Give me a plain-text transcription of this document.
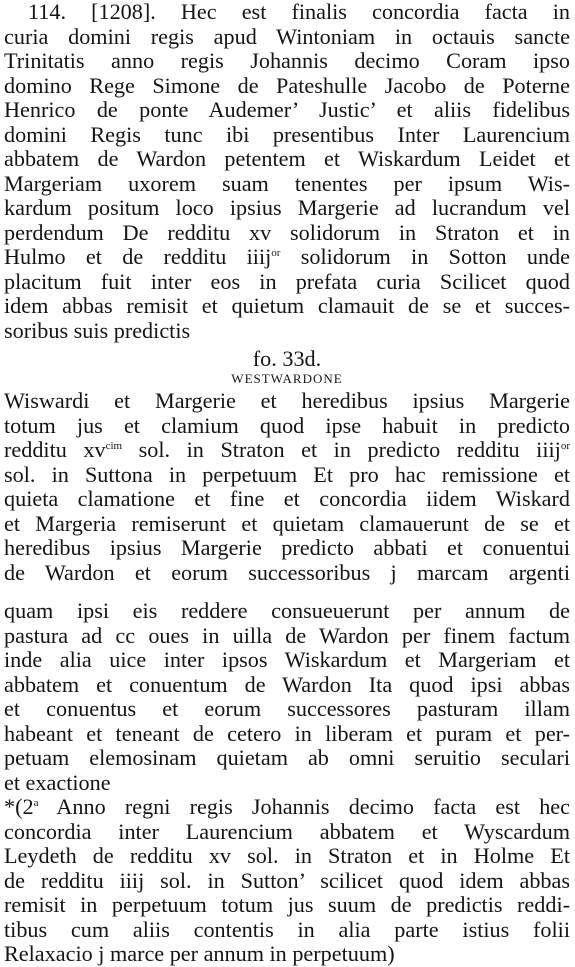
114. [1208]. Hec est finalis concordia facta in
curia domini regis apud Wintoniam in octauis sancte
Trinitatis anno regis Johannis decimo Coram ipso
domino Rege Simone de Pateshulle Jacobo de Poterne
Henrico de ponte Audemer’ Justic’ et aliis fidelibus
domini Regis tunc ibi presentibus Inter Laurencium
abbatem de Wardon petentem et Wiskardum Leidet et
Margeriam uxorem suam tenentes per ipsum Wis-
kardum positum loco ipsius Margerie ad lucrandum vel
perdendum De redditu xv solidorum in Straton et in
Hulmo et de redditu iiij$^{or}$ solidorum in Sotton unde
placitum fuit inter eos in prefata curia Scilicet quod
idem abbas remisit et quietum clamauit de se et succes-
soribus suis predictis
fo. 33d.
WESTWARDONE
Wiswardi et Margerie et heredibus ipsius Margerie
totum jus et clamium quod ipse habuit in predicto
redditu $xv^{cim}$ sol. in Straton et in predicto redditu iiij$^{or}$
sol. in Suttona in perpetuum Et pro hac remissione et
quieta clamatione et fine et concordia iidem Wiskard
et Margeria remiserunt et quietam clamauerunt de se et
heredibus ipsius Margerie predicto abbati et conuentui
de Wardon et eorum successoribus j marcam argenti
quam ipsi eis reddere consueuerunt per annum de
pastura ad cc oues in uilla de Wardon per finem factum
inde alia uice inter ipsos Wiskardum et Margeriam et
abbatem et conuentum de Wardon Ita quod ipsi abbas
et conuentus et eorum successores pasturam illam
habeant et teneant de cetero in liberam et puram et per-
petuam elemosinam quietam ab omni seruitio seculari
et exactione
*(2$^a$ Anno regni regis Johannis decimo facta est hec
concordia inter Laurencium abbatem et Wyscardum
Leydeth de redditu xv sol. in Straton et in Holme Et
de redditu iiij sol. in Sutton’ scilicet quod idem abbas
remisit in perpetuum totum jus suum de predictis reddi-
tibus cum aliis contentis in alia parte istius folii
Relaxacio j marce per annum in perpetuum)
